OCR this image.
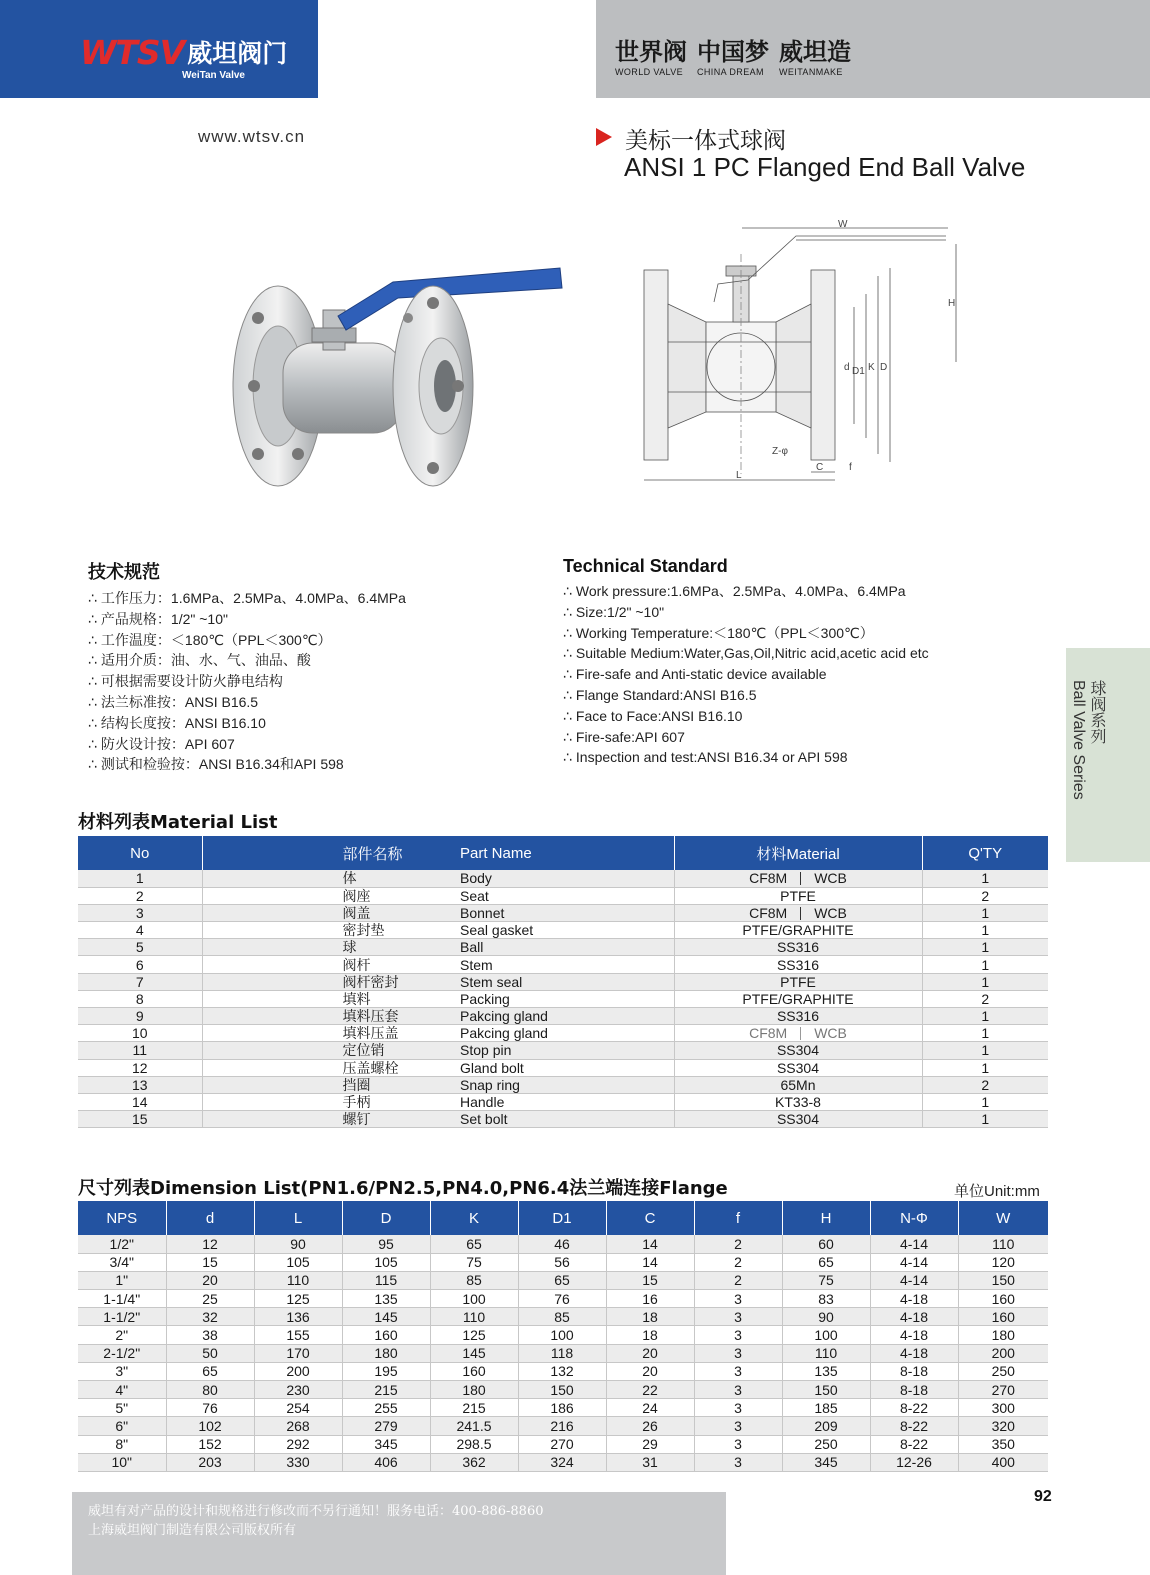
WTSV 威坦阀门
WeiTan Valve
世界阀
WORLD VALVE
中国梦
CHINA DREAM
威坦造
WEITANMAKE
www.wtsv.cn	美标一体式球阀
ANSI 1 PC Flanged End Ball Valve
W
H
d D1 K D
Z-φ
C	f
L
技术规范
∴ 工作压力：1.6MPa、2.5MPa、4.0MPa、6.4MPa
∴ 产品规格：1/2" ~10"
∴ 工作温度：＜180℃（PPL＜300℃）
∴ 适用介质：油、水、气、油品、酸
∴ 可根据需要设计防火静电结构
∴ 法兰标准按：ANSI B16.5
∴ 结构长度按：ANSI B16.10
∴ 防火设计按：API 607
∴ 测试和检验按：ANSI B16.34和API 598
Technical Standard
∴ Work pressure:1.6MPa、2.5MPa、4.0MPa、6.4MPa
∴ Size:1/2" ~10"
∴ Working Temperature:＜180℃（PPL＜300℃）
∴ Suitable Medium:Water,Gas,Oil,Nitric acid,acetic acid etc
∴ Fire-safe and Anti-static device available
∴ Flange Standard:ANSI B16.5
∴ Face to Face:ANSI B16.10
∴ Fire-safe:API 607
∴ Inspection and test:ANSI B16.34 or API 598
球阀系列
Ball Valve Series
材料列表Material List
No	部件名称	Part Name	材料Material	Q'TY
1	体	Body	CF8M WCB	1
2	阀座	Seat	PTFE	2
3	阀盖	Bonnet	CF8M WCB	1
4	密封垫	Seal gasket	PTFE/GRAPHITE	1
5	球	Ball	SS316	1
6	阀杆	Stem	SS316	1
7	阀杆密封	Stem seal	PTFE	1
8	填料	Packing	PTFE/GRAPHITE	2
9	填料压套	Pakcing gland	SS316	1
10	填料压盖	Pakcing gland	CF8M WCB	1
11	定位销	Stop pin	SS304	1
12	压盖螺栓	Gland bolt	SS304	1
13	挡圈	Snap ring	65Mn	2
14	手柄	Handle	KT33-8	1
15	螺钉	Set bolt	SS304	1
尺寸列表Dimension List(PN1.6/PN2.5,PN4.0,PN6.4法兰端连接Flange	单位Unit:mm
NPS	d	L	D	K	D1	C	f	H	N-Φ	W
1/2"	12	90	95	65	46	14	2	60	4-14	110
3/4"	15	105	105	75	56	14	2	65	4-14	120
1"	20	110	115	85	65	15	2	75	4-14	150
1-1/4"	25	125	135	100	76	16	3	83	4-18	160
1-1/2"	32	136	145	110	85	18	3	90	4-18	160
2"	38	155	160	125	100	18	3	100	4-18	180
2-1/2"	50	170	180	145	118	20	3	110	4-18	200
3"	65	200	195	160	132	20	3	135	8-18	250
4"	80	230	215	180	150	22	3	150	8-18	270
5"	76	254	255	215	186	24	3	185	8-22	300
6"	102	268	279	241.5	216	26	3	209	8-22	320
8"	152	292	345	298.5	270	29	3	250	8-22	350
10"	203	330	406	362	324	31	3	345	12-26	400
威坦有对产品的设计和规格进行修改而不另行通知！服务电话：400-886-8860
上海威坦阀门制造有限公司版权所有
92
